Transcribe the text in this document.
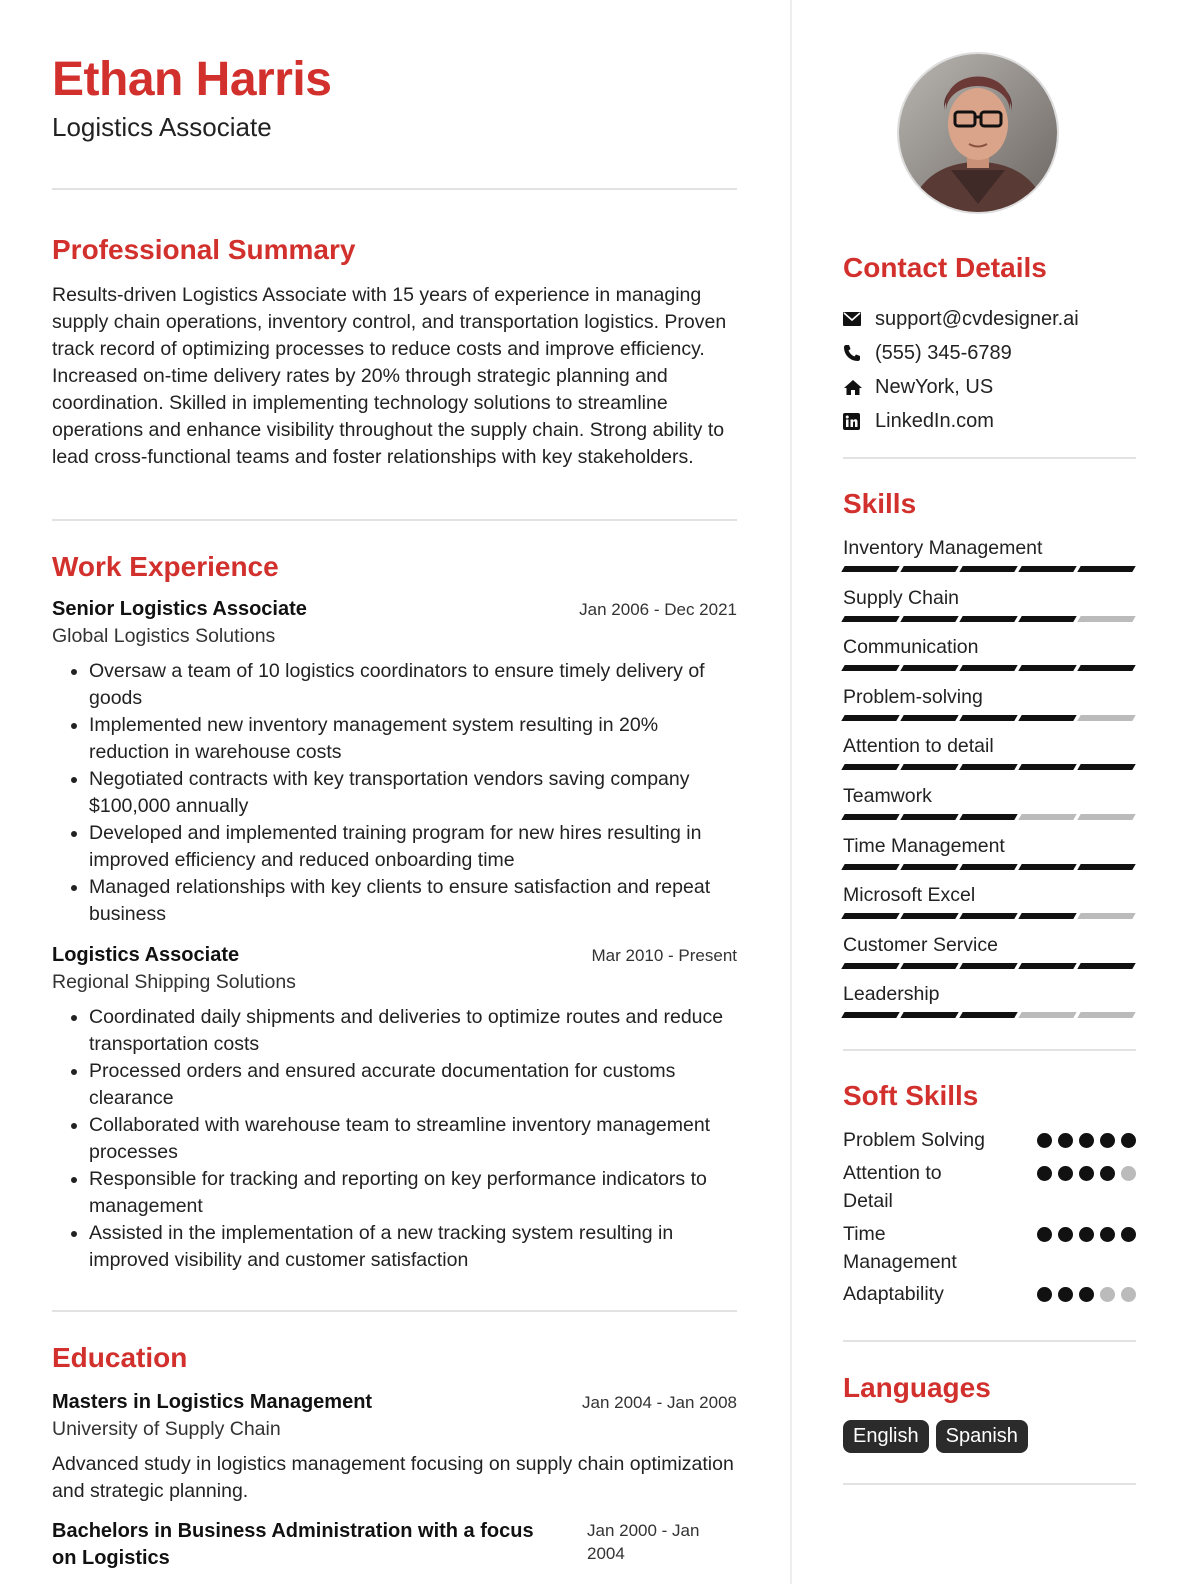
Ethan Harris
Logistics Associate
Professional Summary
Results-driven Logistics Associate with 15 years of experience in managing supply chain operations, inventory control, and transportation logistics. Proven track record of optimizing processes to reduce costs and improve efficiency. Increased on-time delivery rates by 20% through strategic planning and coordination. Skilled in implementing technology solutions to streamline operations and enhance visibility throughout the supply chain. Strong ability to lead cross-functional teams and foster relationships with key stakeholders.
Work Experience
Senior Logistics Associate	Jan 2006 - Dec 2021
Global Logistics Solutions
• Oversaw a team of 10 logistics coordinators to ensure timely delivery of goods
• Implemented new inventory management system resulting in 20% reduction in warehouse costs
• Negotiated contracts with key transportation vendors saving company $100,000 annually
• Developed and implemented training program for new hires resulting in improved efficiency and reduced onboarding time
• Managed relationships with key clients to ensure satisfaction and repeat business
Logistics Associate	Mar 2010 - Present
Regional Shipping Solutions
• Coordinated daily shipments and deliveries to optimize routes and reduce transportation costs
• Processed orders and ensured accurate documentation for customs clearance
• Collaborated with warehouse team to streamline inventory management processes
• Responsible for tracking and reporting on key performance indicators to management
• Assisted in the implementation of a new tracking system resulting in improved visibility and customer satisfaction
Education
Masters in Logistics Management	Jan 2004 - Jan 2008
University of Supply Chain
Advanced study in logistics management focusing on supply chain optimization and strategic planning.
Bachelors in Business Administration with a focus on Logistics
Jan 2000 - Jan 2004
Contact Details
support@cvdesigner.ai
(555) 345-6789
NewYork, US
LinkedIn.com
Skills
Inventory Management
Supply Chain
Communication
Problem-solving
Attention to detail
Teamwork
Time Management
Microsoft Excel
Customer Service
Leadership
Soft Skills
Problem Solving
Attention to Detail
Time Management
Adaptability
Languages
English	Spanish
